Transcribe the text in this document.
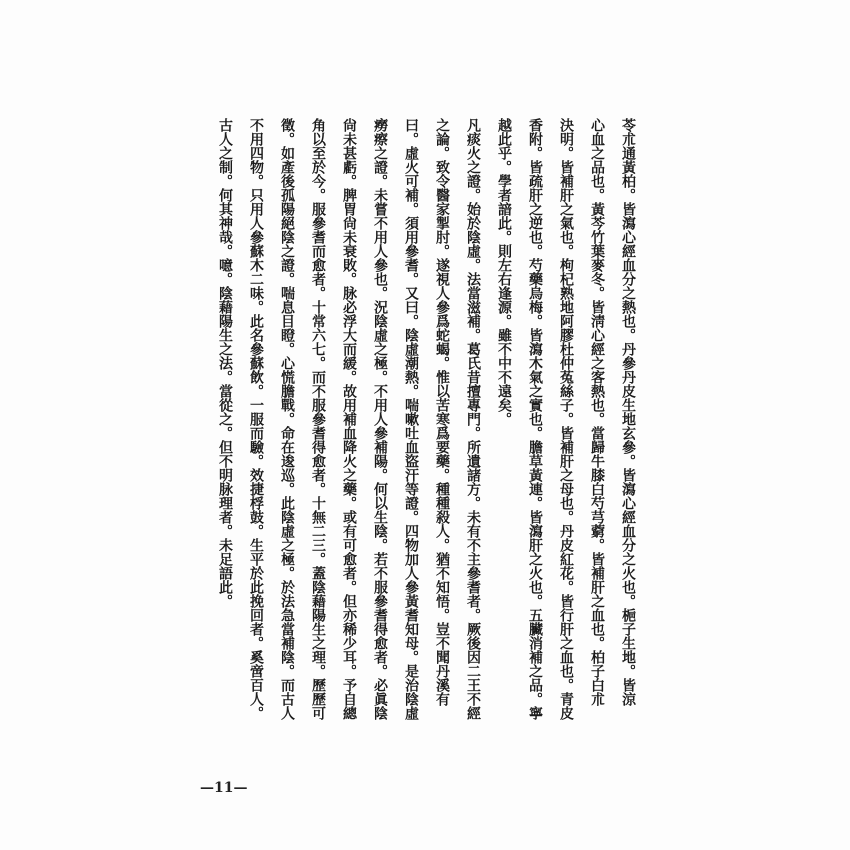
苓朮通黃柏。皆瀉心經血分之熱也。丹參丹皮生地玄參。皆瀉心經血分之火也。梔子生地。皆涼
心血之品也。黃芩竹葉麥冬。皆淸心經之客熱也。當歸牛膝白芍芎藭。皆補肝之血也。柏子白朮
決明。皆補肝之氣也。枸杞熟地阿膠杜仲菟絲子。皆補肝之母也。丹皮紅花。皆行肝之血也。青皮
香附。皆疏肝之逆也。芍藥烏梅。皆瀉木氣之實也。膽草黃連。皆瀉肝之火也。五臟消補之品。寧
越此乎。學者諳此。則左右逢源。雖不中不遠矣。
凡痰火之證。始於陰虛。法當滋補。葛氏昔擅專門。所遺諸方。未有不主參耆者。厥後因二王不經
之論。致令醫家掣肘。遂視人參爲蛇蝎。惟以苦寒爲要藥。種種殺人。猶不知悟。豈不聞丹溪有
曰。虛火可補。須用參耆。又曰。陰虛潮熱。喘嗽吐血盜汗等證。四物加人參黃耆知母。是治陰虛
癆瘵之證。未嘗不用人參也。況陰虛之極。不用人參補陽。何以生陰。若不服參耆得愈者。必眞陰
尙未甚虧。脾胃尙未衰敗。脉必浮大而緩。故用補血降火之藥。或有可愈者。但亦稀少耳。予自總
角以至於今。服參耆而愈者。十常六七。而不服參耆得愈者。十無二三。蓋陰藉陽生之理。歷歷可
徵。如產後孤陽絕陰之證。喘息目瞪。心慌膽戰。命在逡巡。此陰虛之極。於法急當補陰。而古人
不用四物。只用人參蘇木二味。此名參蘇飲。一服而驗。效捷桴鼓。生平於此挽回者。奚啻百人。
古人之制。何其神哉。噫。陰藉陽生之法。當從之。但不明脉理者。未足語此。
—11—
